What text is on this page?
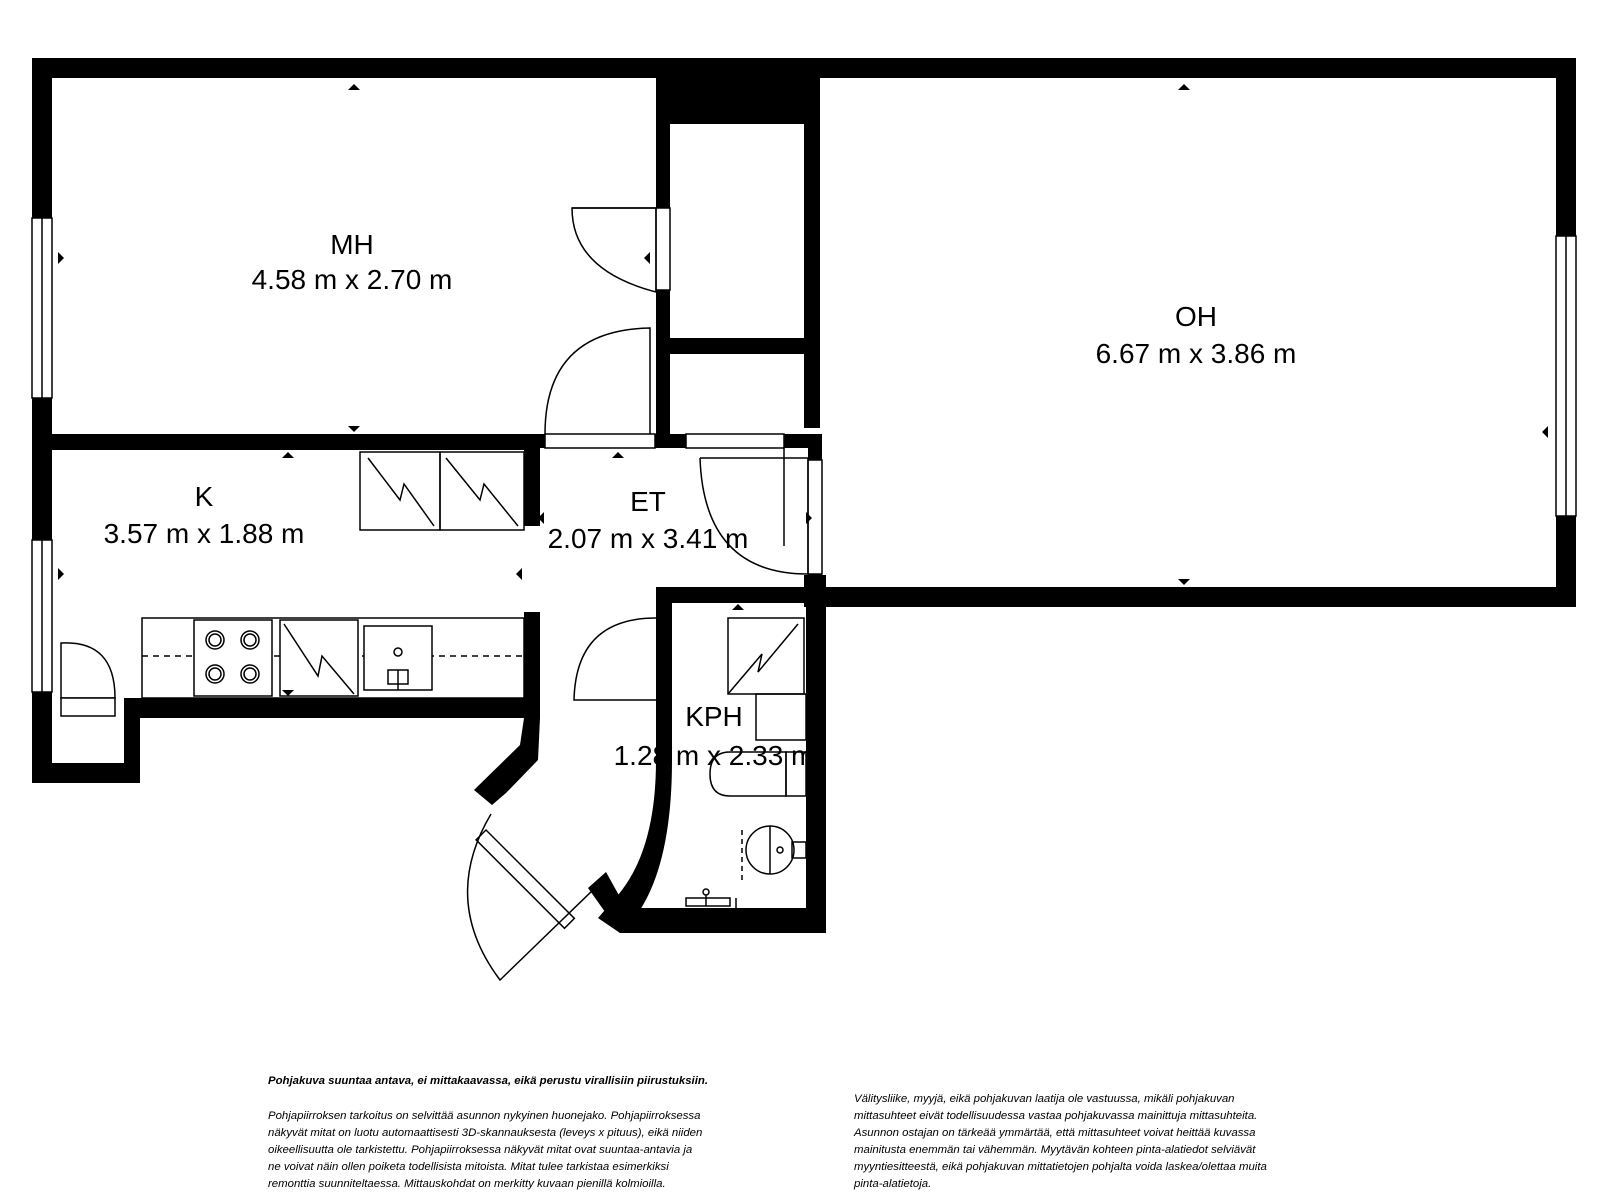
MH
4.58 m x 2.70 m
OH
6.67 m x 3.86 m
K
3.57 m x 1.88 m
ET
2.07 m x 3.41 m
KPH
1.28 m x 2.33 m

Pohjakuva suuntaa antava, ei mittakaavassa, eikä perustu virallisiin piirustuksiin.

Pohjapiirroksen tarkoitus on selvittää asunnon nykyinen huonejako. Pohjapiirroksessa

näkyvät mitat on luotu automaattisesti 3D-skannauksesta (leveys x pituus), eikä niiden

oikeellisuutta ole tarkistettu. Pohjapiirroksessa näkyvät mitat ovat suuntaa-antavia ja

ne voivat näin ollen poiketa todellisista mitoista. Mitat tulee tarkistaa esimerkiksi

remonttia suunniteltaessa. Mittauskohdat on merkitty kuvaan pienillä kolmioilla.

Välitysliike, myyjä, eikä pohjakuvan laatija ole vastuussa, mikäli pohjakuvan

mittasuhteet eivät todellisuudessa vastaa pohjakuvassa mainittuja mittasuhteita.

Asunnon ostajan on tärkeää ymmärtää, että mittasuhteet voivat heittää kuvassa

mainitusta enemmän tai vähemmän. Myytävän kohteen pinta-alatiedot selviävät

myyntiesitteestä, eikä pohjakuvan mittatietojen pohjalta voida laskea/olettaa muita

pinta-alatietoja.
